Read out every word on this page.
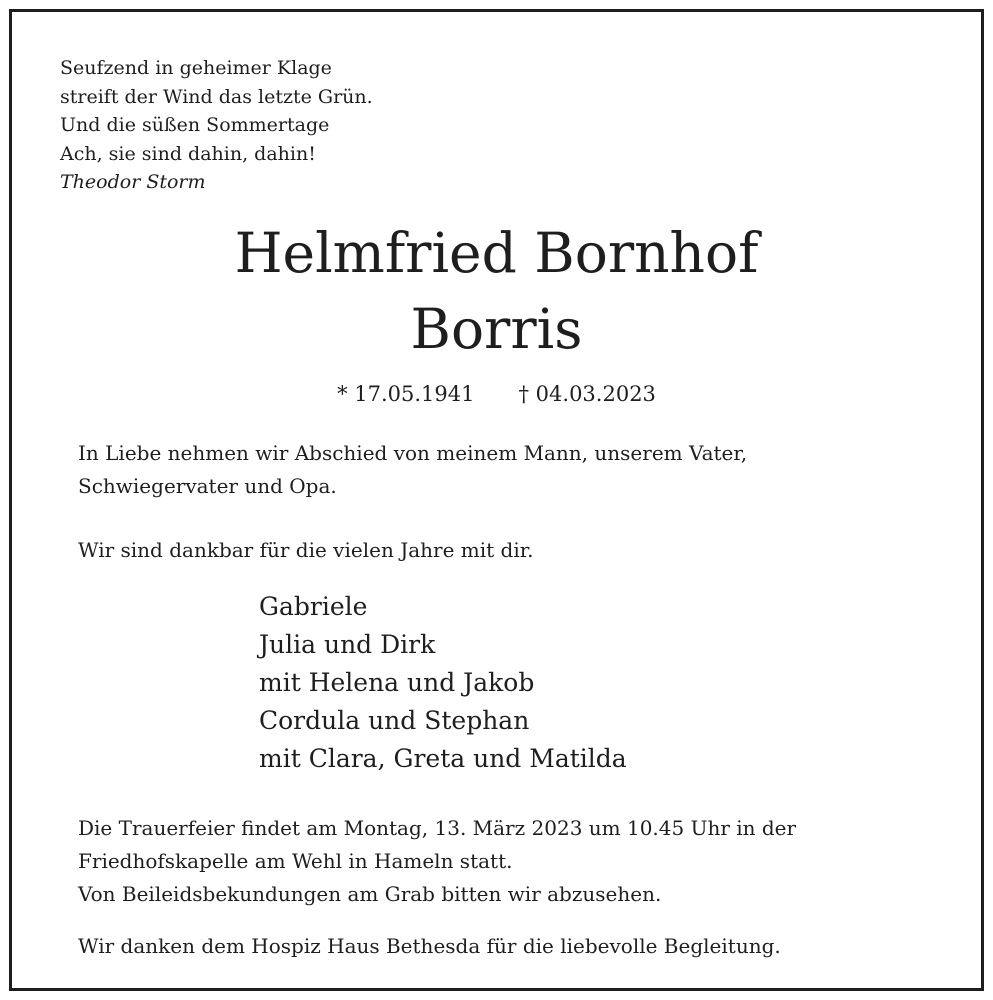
Seufzend in geheimer Klage
streift der Wind das letzte Grün.
Und die süßen Sommertage
Ach, sie sind dahin, dahin!
Theodor Storm
Helmfried Bornhof
Borris
* 17.05.1941 † 04.03.2023
In Liebe nehmen wir Abschied von meinem Mann, unserem Vater,
Schwiegervater und Opa.
Wir sind dankbar für die vielen Jahre mit dir.
Gabriele
Julia und Dirk
mit Helena und Jakob
Cordula und Stephan
mit Clara, Greta und Matilda
Die Trauerfeier findet am Montag, 13. März 2023 um 10.45 Uhr in der
Friedhofskapelle am Wehl in Hameln statt.
Von Beileidsbekundungen am Grab bitten wir abzusehen.
Wir danken dem Hospiz Haus Bethesda für die liebevolle Begleitung.
